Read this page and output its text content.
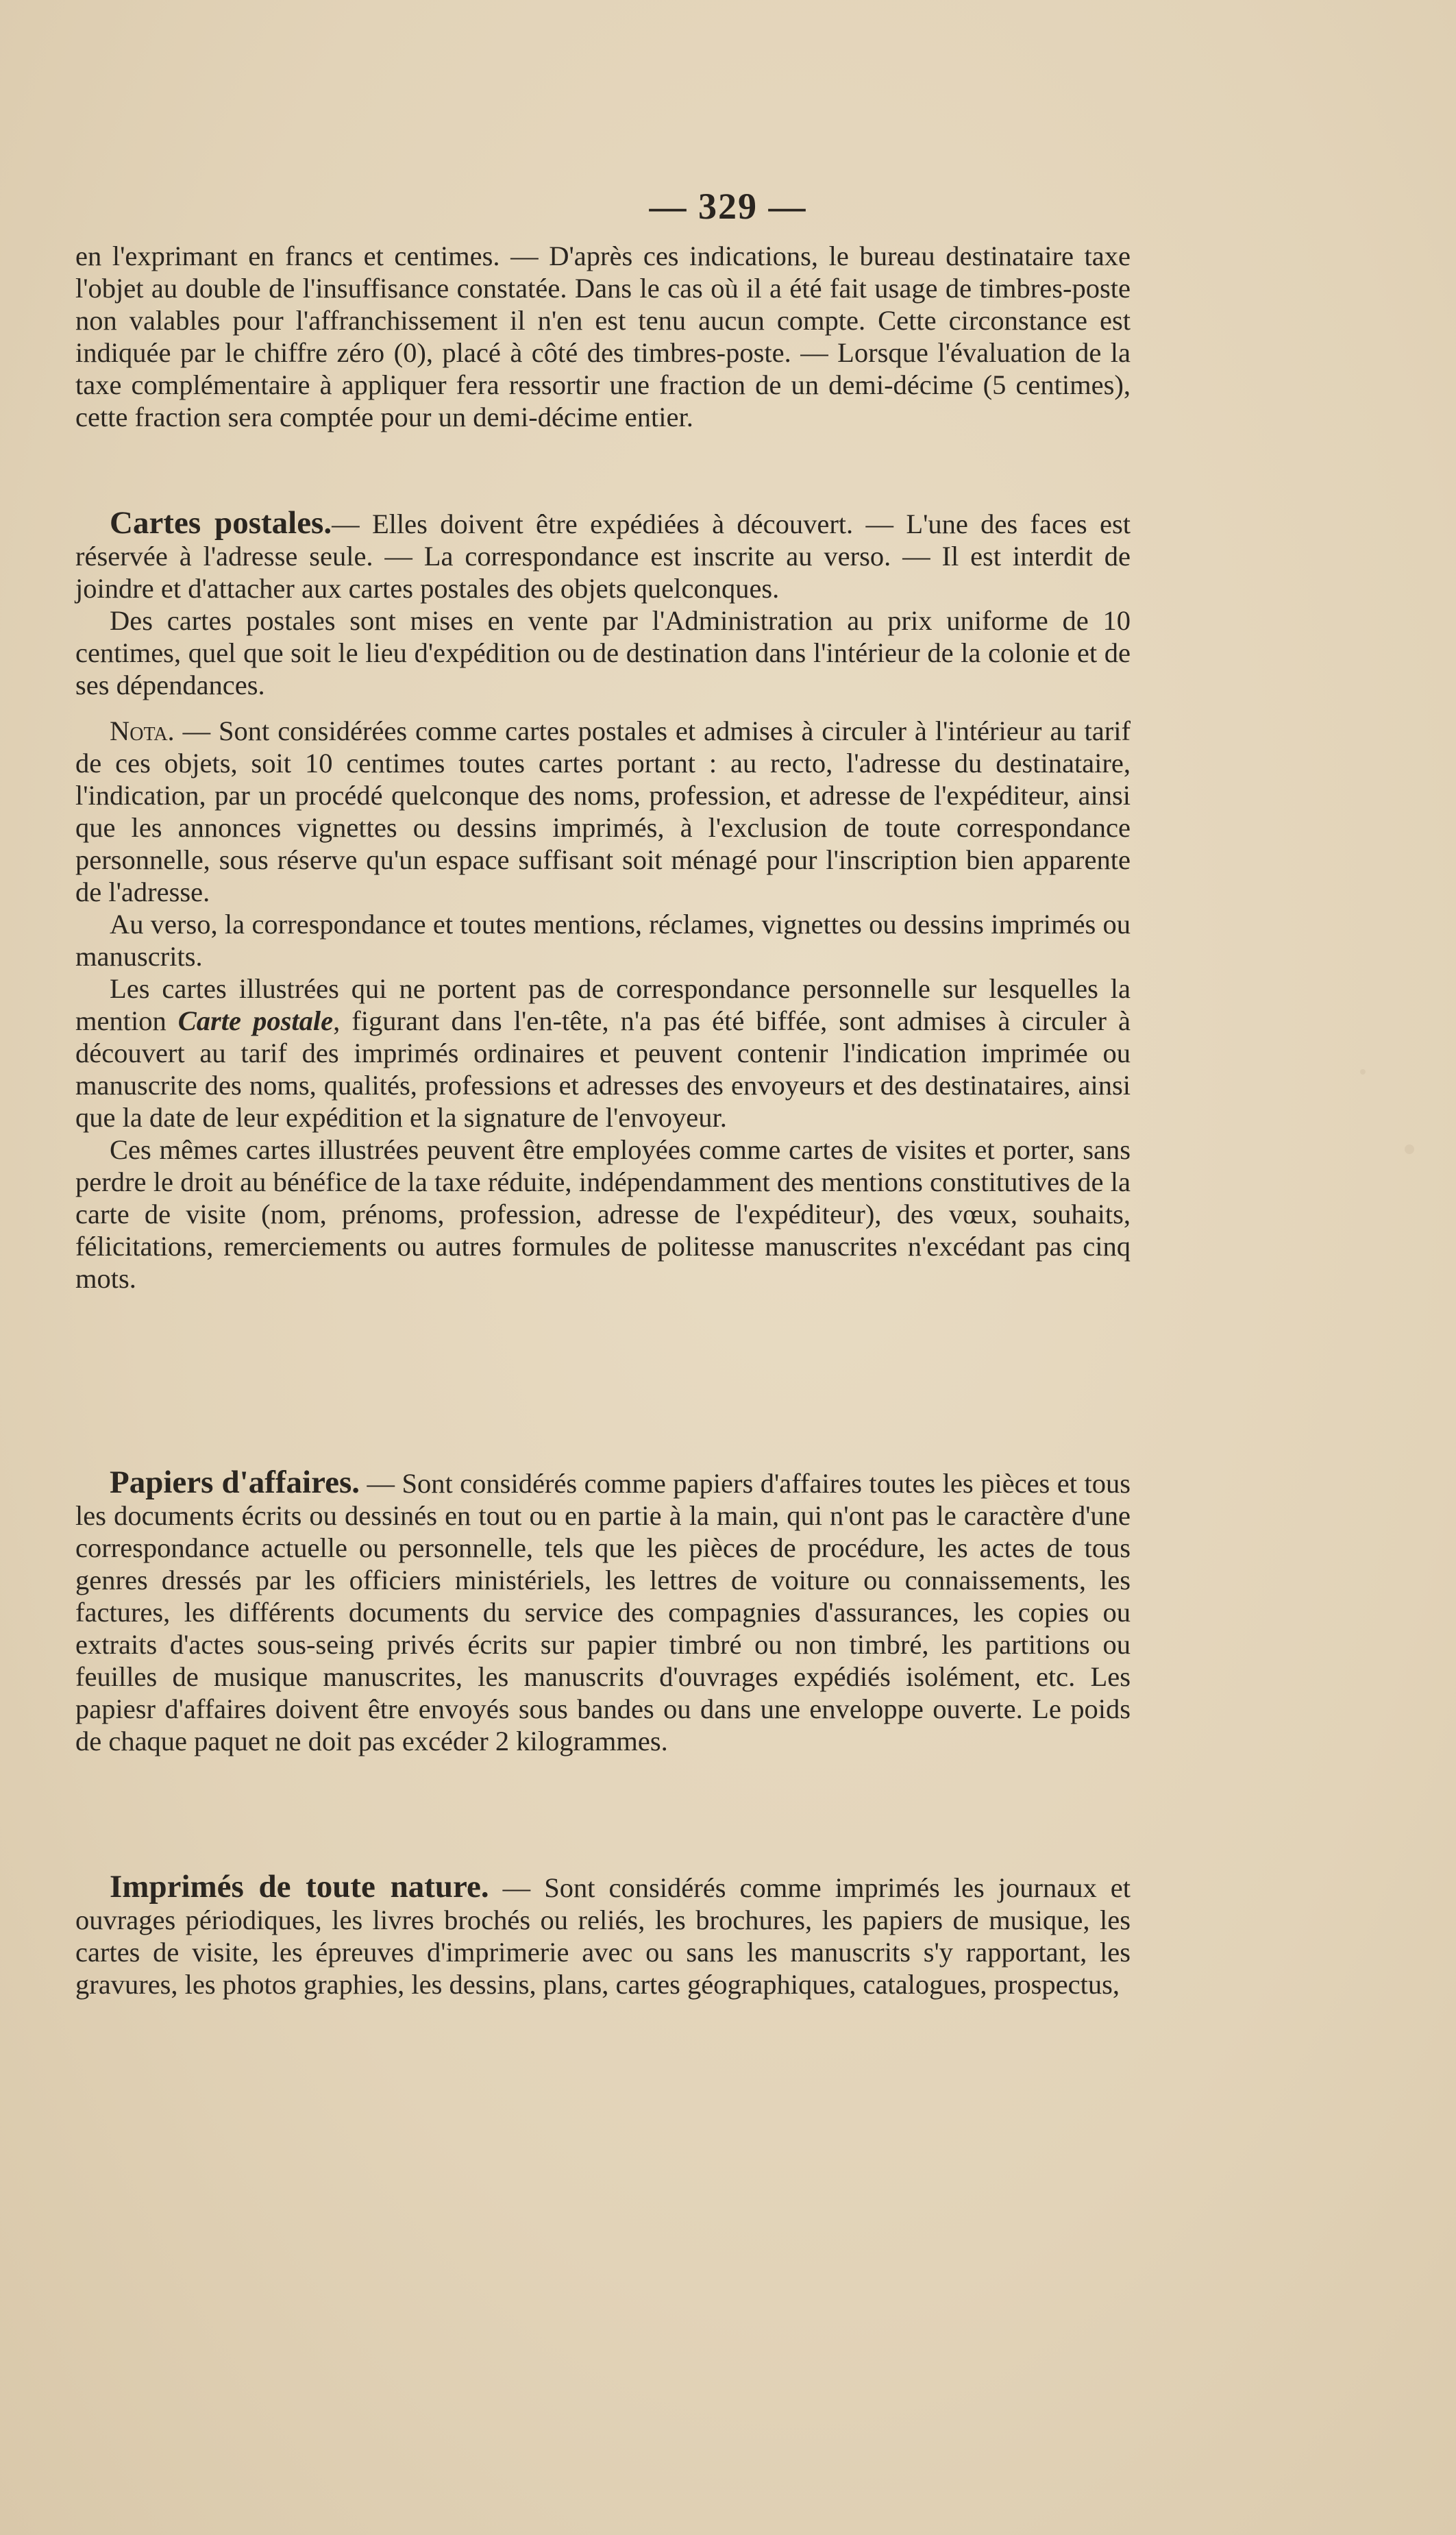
— 329 —

en l'exprimant en francs et centimes. — D'après ces indications, le bureau destinataire taxe l'objet au double de l'insuffisance constatée. Dans le cas où il a été fait usage de timbres-poste non valables pour l'affranchissement il n'en est tenu aucun compte. Cette circonstance est indiquée par le chiffre zéro (0), placé à côté des timbres-poste. — Lorsque l'évaluation de la taxe complémentaire à appliquer fera ressortir une fraction de un demi-décime (5 centimes), cette fraction sera comptée pour un demi-décime entier.

Cartes postales.— Elles doivent être expédiées à découvert. — L'une des faces est réservée à l'adresse seule. — La correspondance est inscrite au verso. — Il est interdit de joindre et d'attacher aux cartes postales des objets quelconques.

Des cartes postales sont mises en vente par l'Administration au prix uniforme de 10 centimes, quel que soit le lieu d'expédition ou de destination dans l'intérieur de la colonie et de ses dépendances.

Nota. — Sont considérées comme cartes postales et admises à circuler à l'intérieur au tarif de ces objets, soit 10 centimes toutes cartes portant : au recto, l'adresse du destinataire, l'indication, par un procédé quelconque des noms, profession, et adresse de l'expéditeur, ainsi que les annonces vignettes ou dessins imprimés, à l'exclusion de toute correspondance personnelle, sous réserve qu'un espace suffisant soit ménagé pour l'inscription bien apparente de l'adresse.

Au verso, la correspondance et toutes mentions, réclames, vignettes ou dessins imprimés ou manuscrits.

Les cartes illustrées qui ne portent pas de correspondance personnelle sur lesquelles la mention Carte postale, figurant dans l'en-tête, n'a pas été biffée, sont admises à circuler à découvert au tarif des imprimés ordinaires et peuvent contenir l'indication imprimée ou manuscrite des noms, qualités, professions et adresses des envoyeurs et des destinataires, ainsi que la date de leur expédition et la signature de l'envoyeur.

Ces mêmes cartes illustrées peuvent être employées comme cartes de visites et porter, sans perdre le droit au bénéfice de la taxe réduite, indépendamment des mentions constitutives de la carte de visite (nom, prénoms, profession, adresse de l'expéditeur), des vœux, souhaits, félicitations, remerciements ou autres formules de politesse manuscrites n'excédant pas cinq mots.

Papiers d'affaires. — Sont considérés comme papiers d'affaires toutes les pièces et tous les documents écrits ou dessinés en tout ou en partie à la main, qui n'ont pas le caractère d'une correspondance actuelle ou personnelle, tels que les pièces de procédure, les actes de tous genres dressés par les officiers ministériels, les lettres de voiture ou connaissements, les factures, les différents documents du service des compagnies d'assurances, les copies ou extraits d'actes sous-seing privés écrits sur papier timbré ou non timbré, les partitions ou feuilles de musique manuscrites, les manuscrits d'ouvrages expédiés isolément, etc. Les papiesr d'affaires doivent être envoyés sous bandes ou dans une enveloppe ouverte. Le poids de chaque paquet ne doit pas excéder 2 kilogrammes.

Imprimés de toute nature. — Sont considérés comme imprimés les journaux et ouvrages périodiques, les livres brochés ou reliés, les brochures, les papiers de musique, les cartes de visite, les épreuves d'imprimerie avec ou sans les manuscrits s'y rapportant, les gravures, les photos graphies, les dessins, plans, cartes géographiques, catalogues, prospectus,
